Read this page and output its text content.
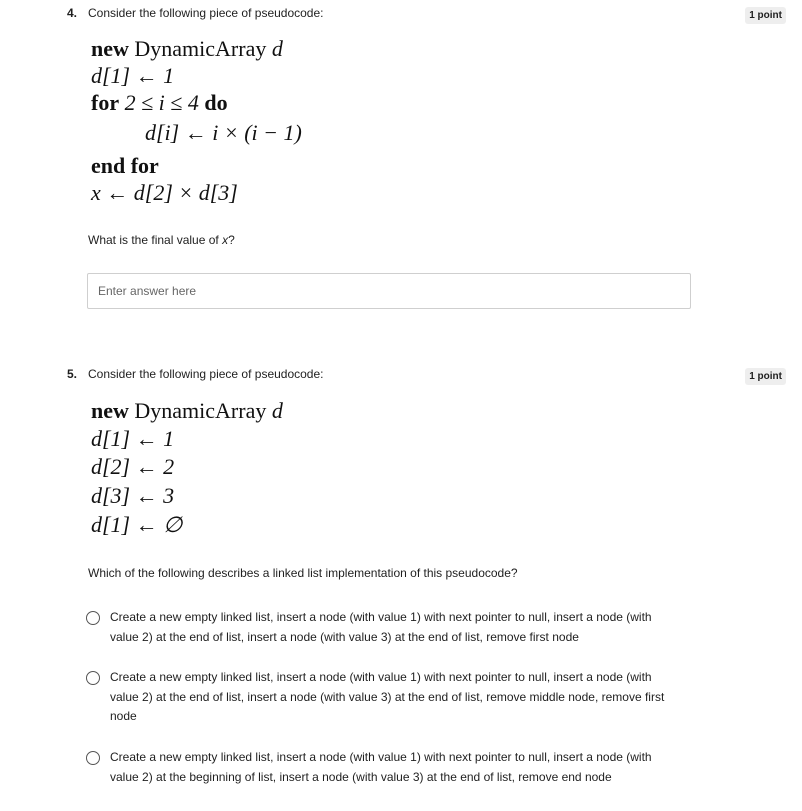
4. Consider the following piece of pseudocode:	1 point
new DynamicArray d
d[1] ← 1
for 2 ≤ i ≤ 4 do
d[i] ← i × (i − 1)
end for
x ← d[2] × d[3]
What is the final value of x?
Enter answer here
5. Consider the following piece of pseudocode:	1 point
new DynamicArray d
d[1] ← 1
d[2] ← 2
d[3] ← 3
d[1] ← ∅
Which of the following describes a linked list implementation of this pseudocode?
Create a new empty linked list, insert a node (with value 1) with next pointer to null, insert a node (with value 2) at the end of list, insert a node (with value 3) at the end of list, remove first node
Create a new empty linked list, insert a node (with value 1) with next pointer to null, insert a node (with value 2) at the end of list, insert a node (with value 3) at the end of list, remove middle node, remove first node
Create a new empty linked list, insert a node (with value 1) with next pointer to null, insert a node (with value 2) at the beginning of list, insert a node (with value 3) at the end of list, remove end node
